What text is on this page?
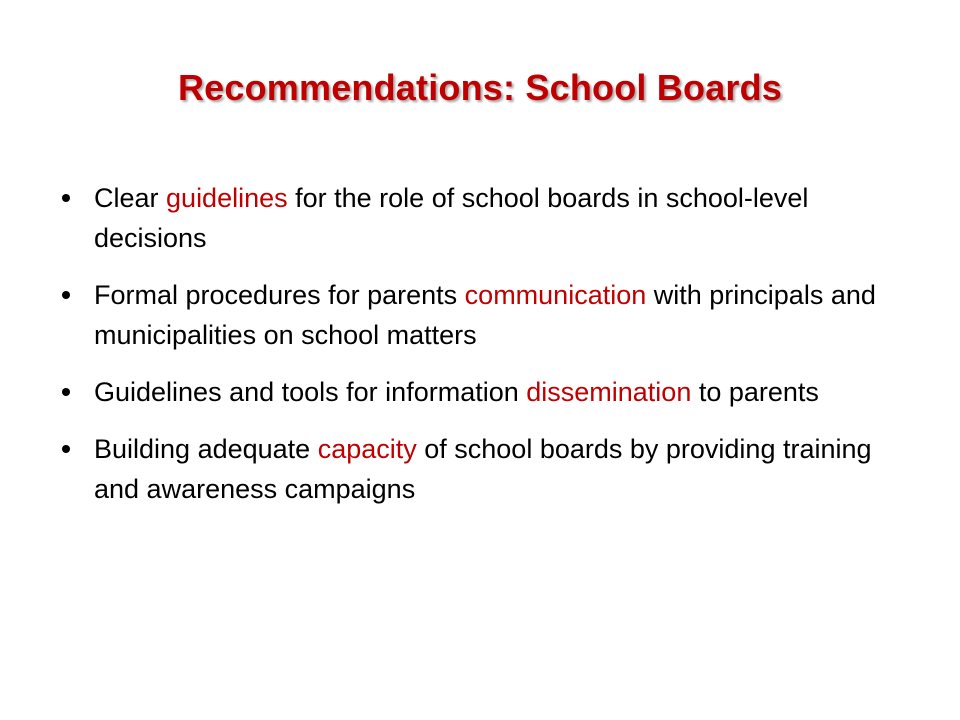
Recommendations: School Boards
Clear guidelines for the role of school boards in school-level decisions
Formal procedures for parents communication with principals and municipalities on school matters
Guidelines and tools for information dissemination to parents
Building adequate capacity of school boards by providing training and awareness campaigns
